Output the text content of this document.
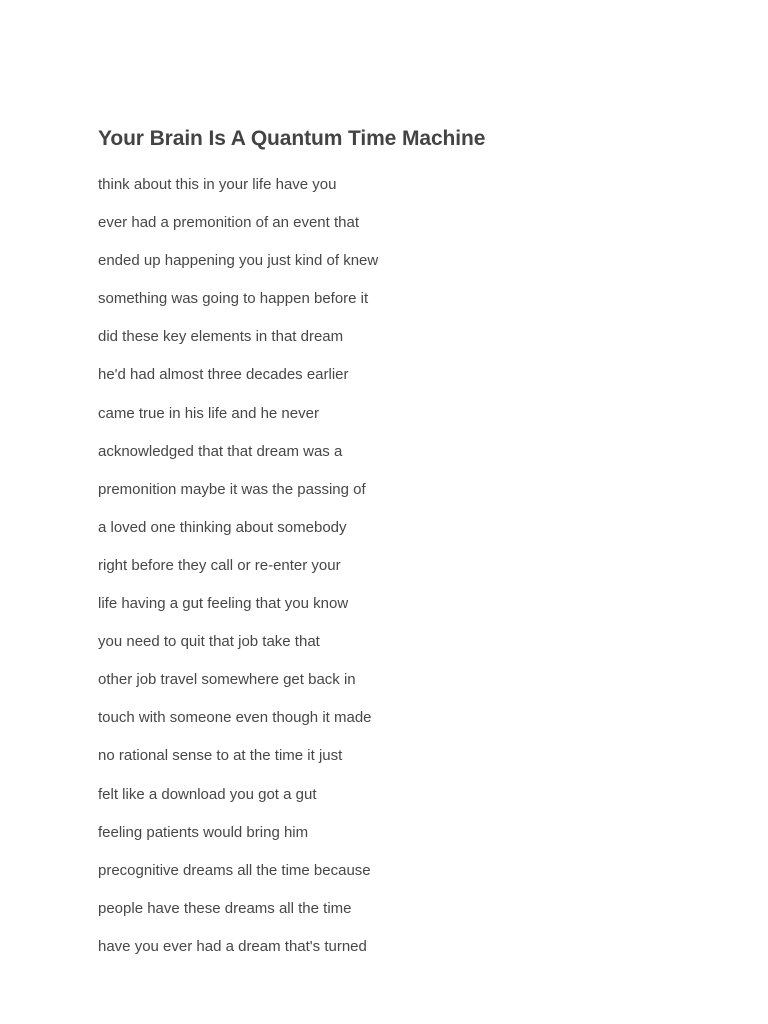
Your Brain Is A Quantum Time Machine
think about this in your life have you
ever had a premonition of an event that
ended up happening you just kind of knew
something was going to happen before it
did these key elements in that dream
he'd had almost three decades earlier
came true in his life and he never
acknowledged that that dream was a
premonition maybe it was the passing of
a loved one thinking about somebody
right before they call or re-enter your
life having a gut feeling that you know
you need to quit that job take that
other job travel somewhere get back in
touch with someone even though it made
no rational sense to at the time it just
felt like a download you got a gut
feeling patients would bring him
precognitive dreams all the time because
people have these dreams all the time
have you ever had a dream that's turned
